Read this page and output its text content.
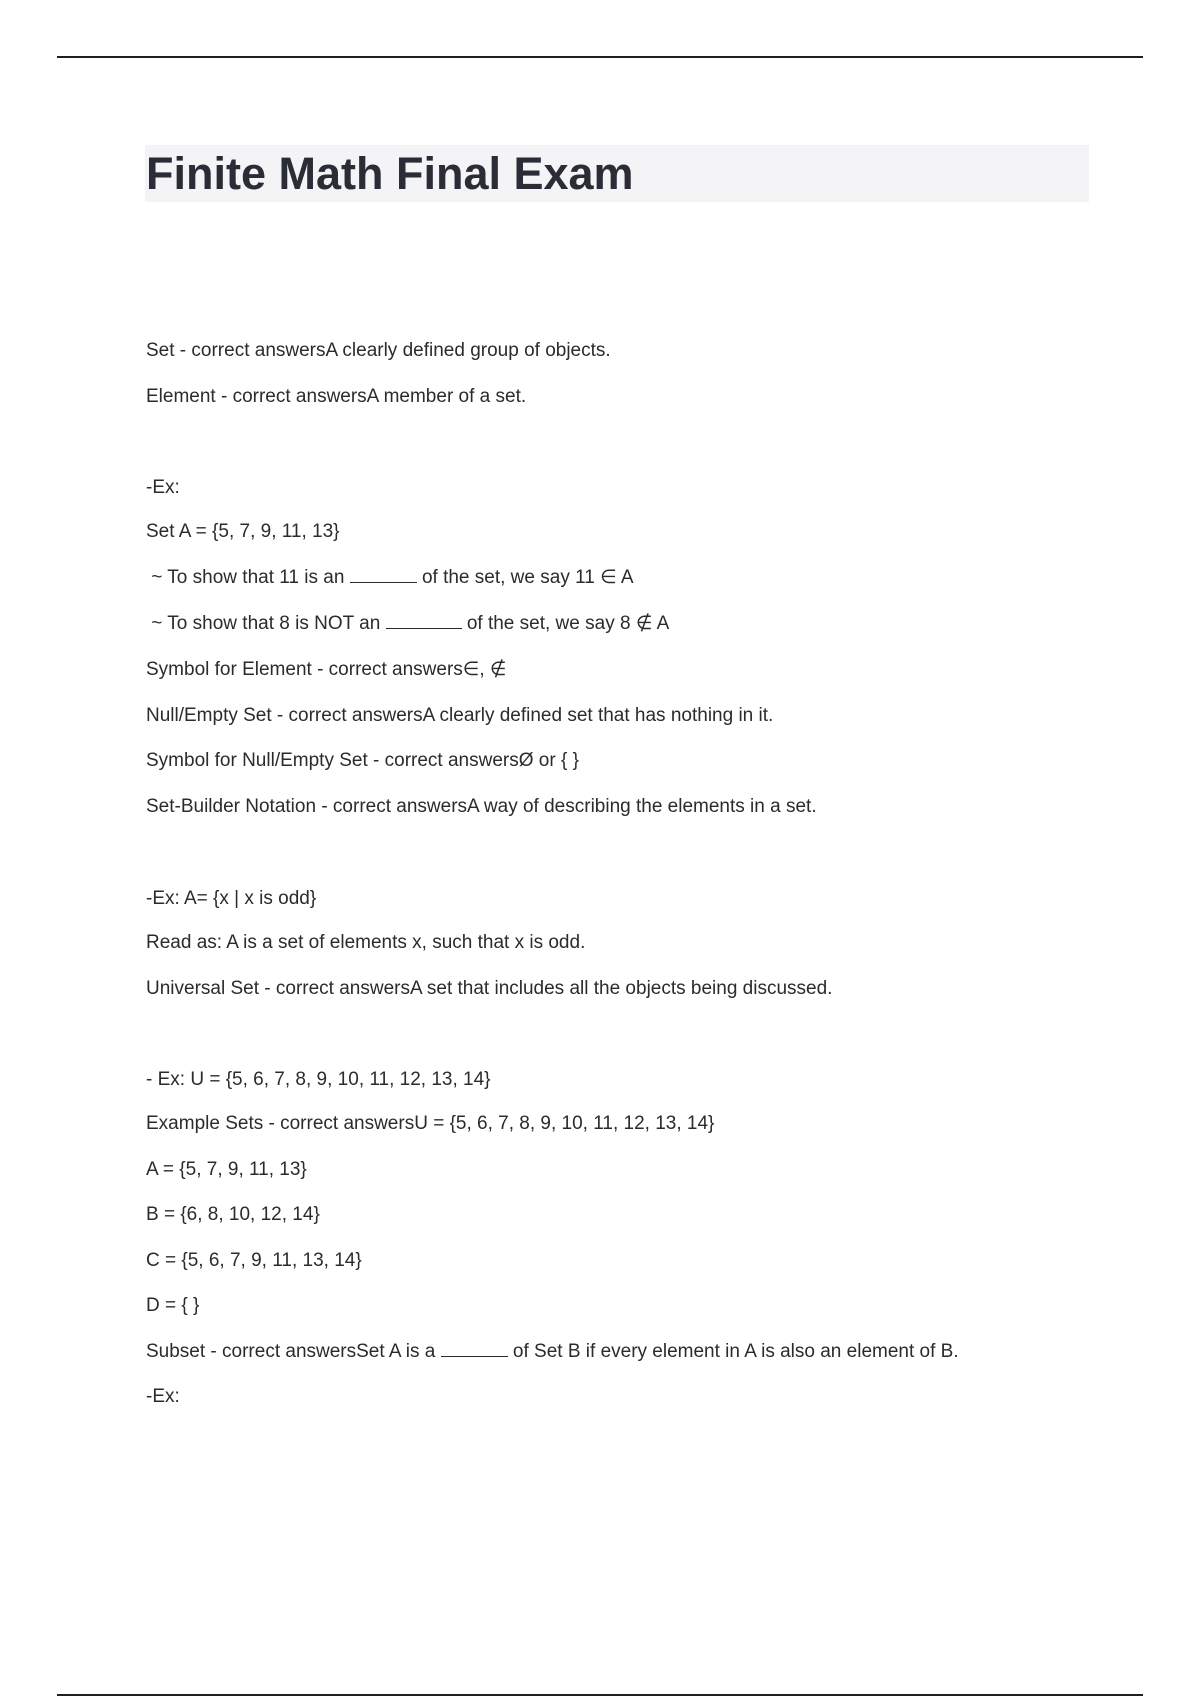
Finite Math Final Exam

Set - correct answersA clearly defined group of objects.

Element - correct answersA member of a set.

-Ex:

Set A = {5, 7, 9, 11, 13}

~ To show that 11 is an	of the set, we say 11 ∈ A

~ To show that 8 is NOT an	of the set, we say 8 ∉ A

Symbol for Element - correct answers∈, ∉

Null/Empty Set - correct answersA clearly defined set that has nothing in it.

Symbol for Null/Empty Set - correct answersØ or { }

Set-Builder Notation - correct answersA way of describing the elements in a set.

-Ex: A= {x | x is odd}

Read as: A is a set of elements x, such that x is odd.

Universal Set - correct answersA set that includes all the objects being discussed.

- Ex: U = {5, 6, 7, 8, 9, 10, 11, 12, 13, 14}

Example Sets - correct answersU = {5, 6, 7, 8, 9, 10, 11, 12, 13, 14}

A = {5, 7, 9, 11, 13}

B = {6, 8, 10, 12, 14}

C = {5, 6, 7, 9, 11, 13, 14}

D = { }

Subset - correct answersSet A is a	of Set B if every element in A is also an element of B.

-Ex:
